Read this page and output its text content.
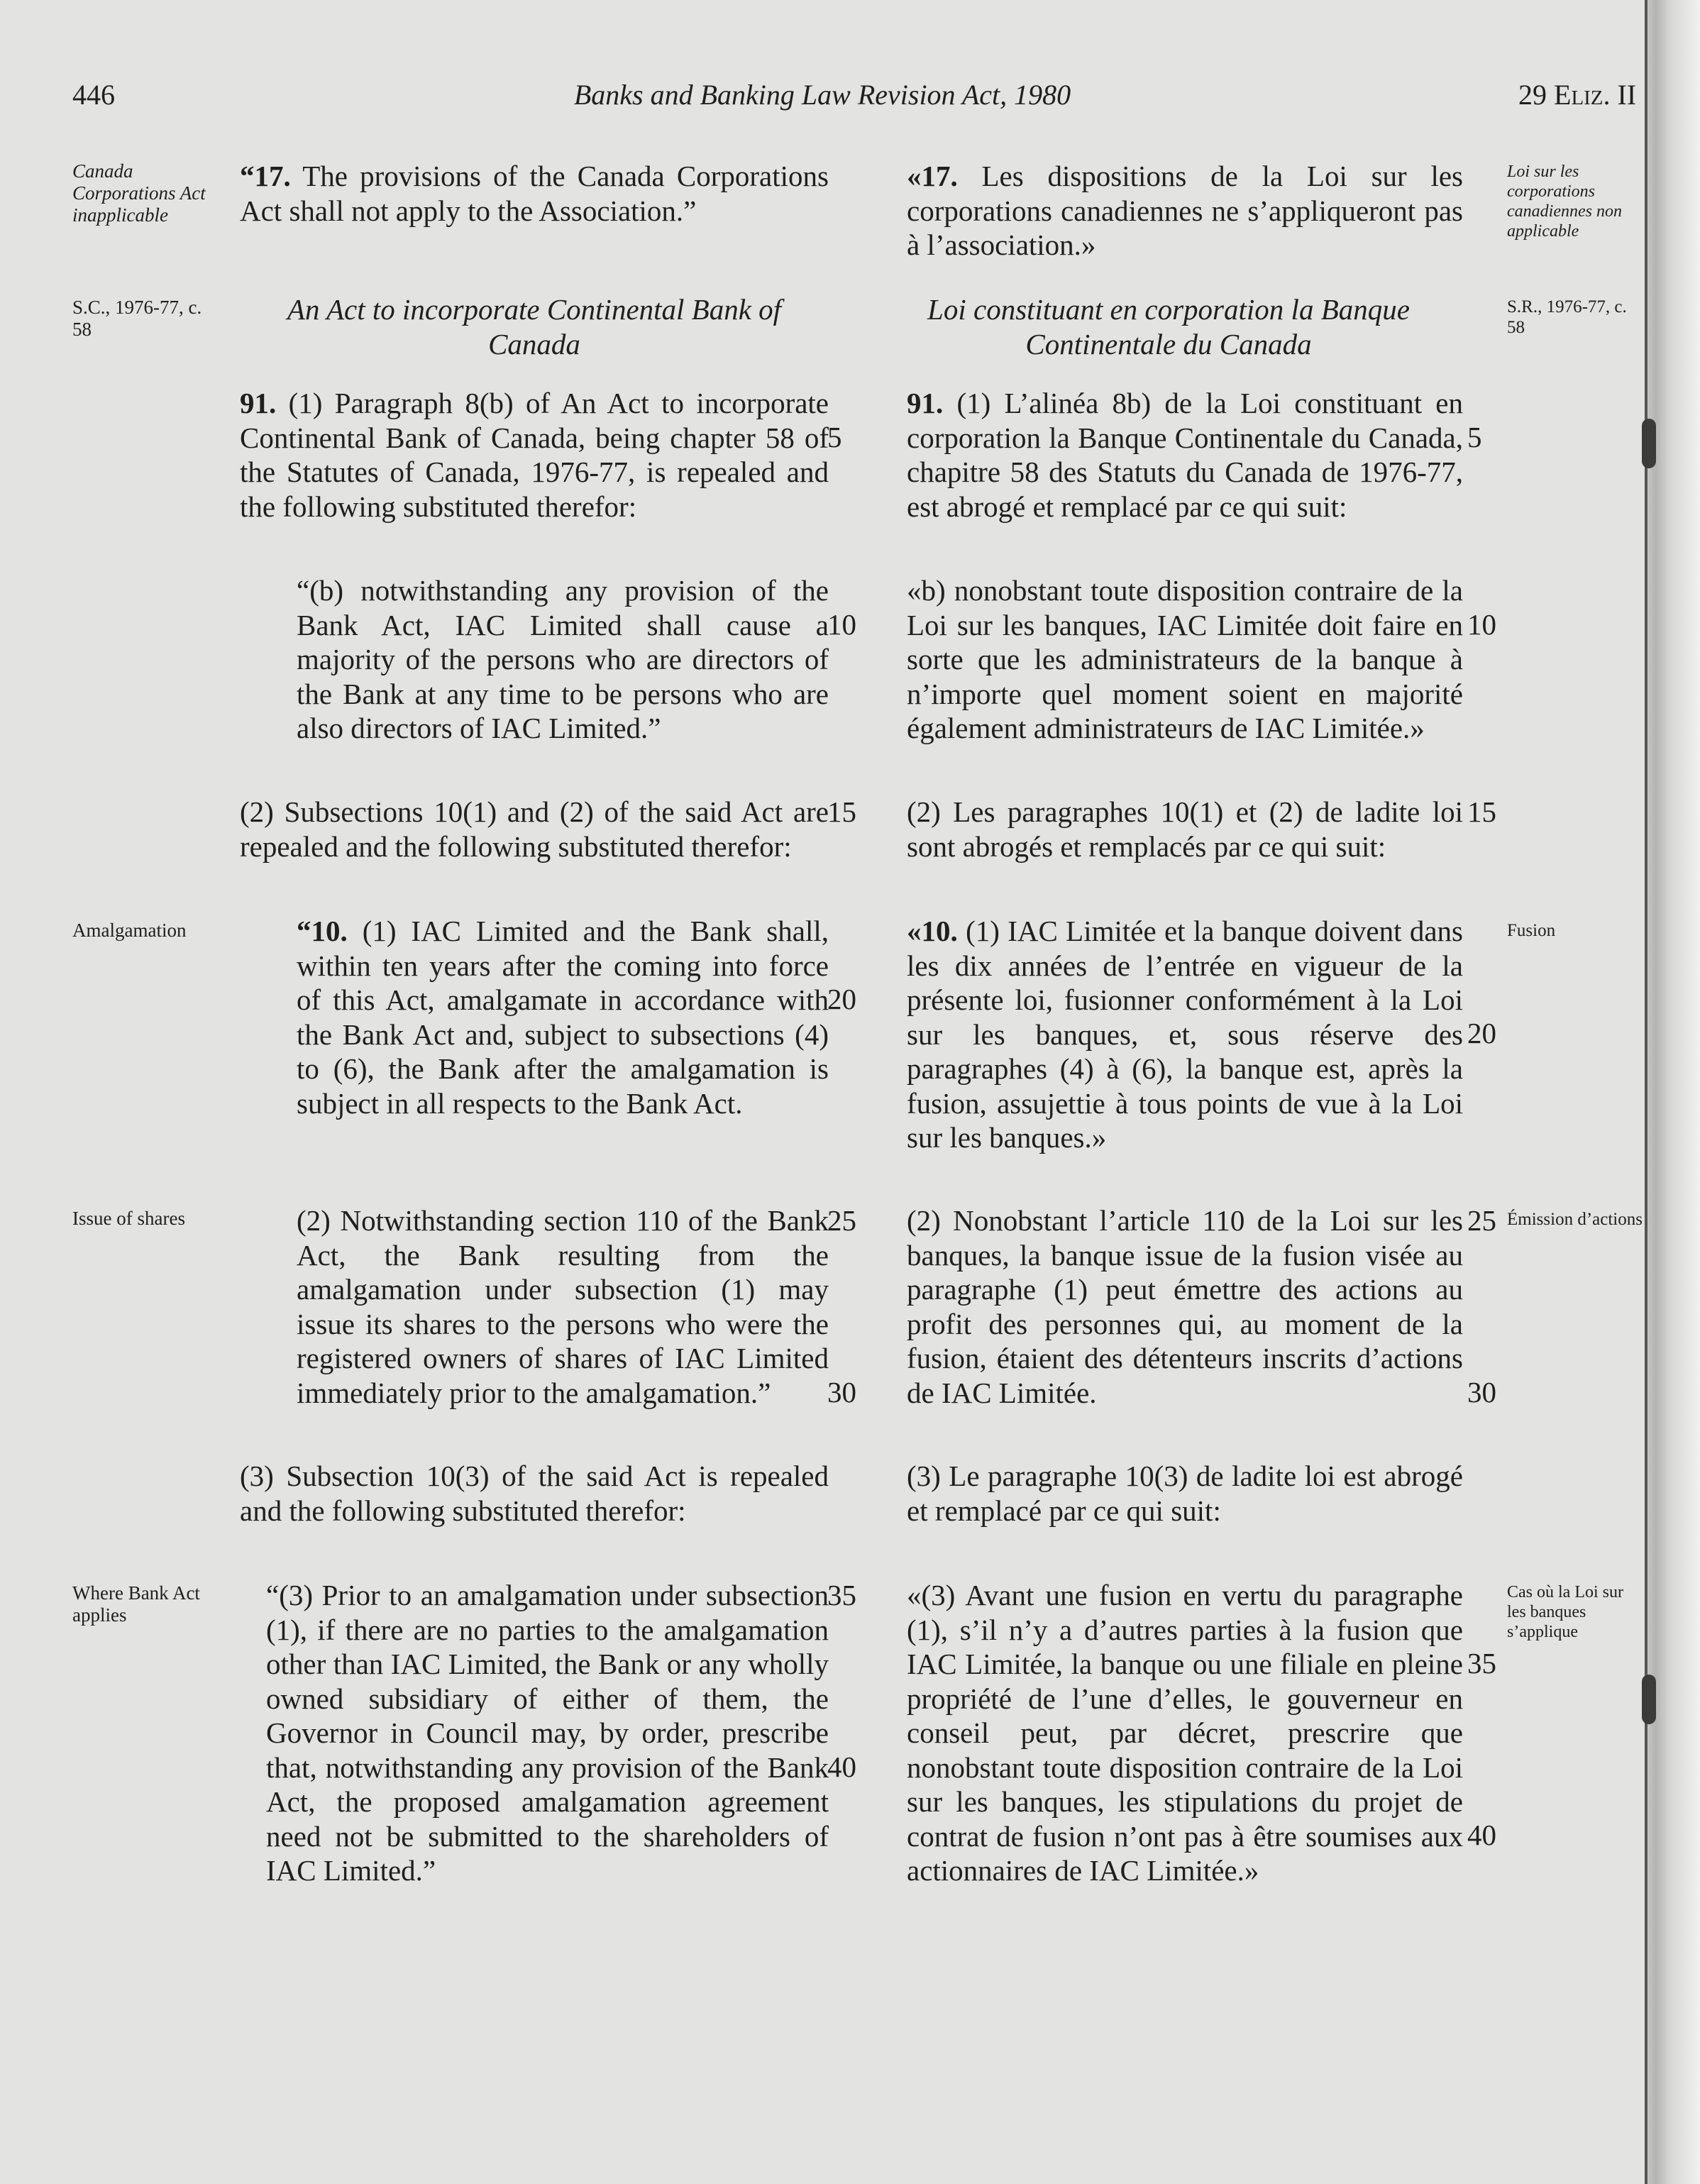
446	Banks and Banking Law Revision Act, 1980	29 ELIZ. II
“17. The provisions of the Canada Corporations Act shall not apply to the Association.”
An Act to incorporate Continental Bank of Canada
91. (1) Paragraph 8(b) of An Act to incorporate Continental Bank of Canada, being chapter 58 of the Statutes of Canada, 1976-77, is repealed and the following substituted therefor:
“(b) notwithstanding any provision of the Bank Act, IAC Limited shall cause a majority of the persons who are directors of the Bank at any time to be persons who are also directors of IAC Limited.”
(2) Subsections 10(1) and (2) of the said Act are repealed and the following substituted therefor:
“10. (1) IAC Limited and the Bank shall, within ten years after the coming into force of this Act, amalgamate in accordance with the Bank Act and, subject to subsections (4) to (6), the Bank after the amalgamation is subject in all respects to the Bank Act.
(2) Notwithstanding section 110 of the Bank Act, the Bank resulting from the amalgamation under subsection (1) may issue its shares to the persons who were the registered owners of shares of IAC Limited immediately prior to the amalgamation.”
(3) Subsection 10(3) of the said Act is repealed and the following substituted therefor:
“(3) Prior to an amalgamation under subsection (1), if there are no parties to the amalgamation other than IAC Limited, the Bank or any wholly owned subsidiary of either of them, the Governor in Council may, by order, prescribe that, notwithstanding any provision of the Bank Act, the proposed amalgamation agreement need not be submitted to the shareholders of IAC Limited.”
«17. Les dispositions de la Loi sur les corporations canadiennes ne s’appliqueront pas à l’association.»
Loi constituant en corporation la Banque Continentale du Canada
91. (1) L’alinéa 8b) de la Loi constituant en corporation la Banque Continentale du Canada, chapitre 58 des Statuts du Canada de 1976-77, est abrogé et remplacé par ce qui suit:
«b) nonobstant toute disposition contraire de la Loi sur les banques, IAC Limitée doit faire en sorte que les administrateurs de la banque à n’importe quel moment soient en majorité également administrateurs de IAC Limitée.»
(2) Les paragraphes 10(1) et (2) de ladite loi sont abrogés et remplacés par ce qui suit:
«10. (1) IAC Limitée et la banque doivent dans les dix années de l’entrée en vigueur de la présente loi, fusionner conformément à la Loi sur les banques, et, sous réserve des paragraphes (4) à (6), la banque est, après la fusion, assujettie à tous points de vue à la Loi sur les banques.»
(2) Nonobstant l’article 110 de la Loi sur les banques, la banque issue de la fusion visée au paragraphe (1) peut émettre des actions au profit des personnes qui, au moment de la fusion, étaient des détenteurs inscrits d’actions de IAC Limitée.
(3) Le paragraphe 10(3) de ladite loi est abrogé et remplacé par ce qui suit:
«(3) Avant une fusion en vertu du paragraphe (1), s’il n’y a d’autres parties à la fusion que IAC Limitée, la banque ou une filiale en pleine propriété de l’une d’elles, le gouverneur en conseil peut, par décret, prescrire que nonobstant toute disposition contraire de la Loi sur les banques, les stipulations du projet de contrat de fusion n’ont pas à être soumises aux actionnaires de IAC Limitée.»
Canada Corporations Act inapplicable
S.C., 1976-77, c. 58
Amalgamation
Issue of shares
Where Bank Act applies
Loi sur les corporations canadiennes non applicable
S.R., 1976-77, c. 58
Fusion
Émission d’actions
Cas où la Loi sur les banques s’applique
5
10
15
20
25
30
35
40
5
10
15
20
25
30
35
40
